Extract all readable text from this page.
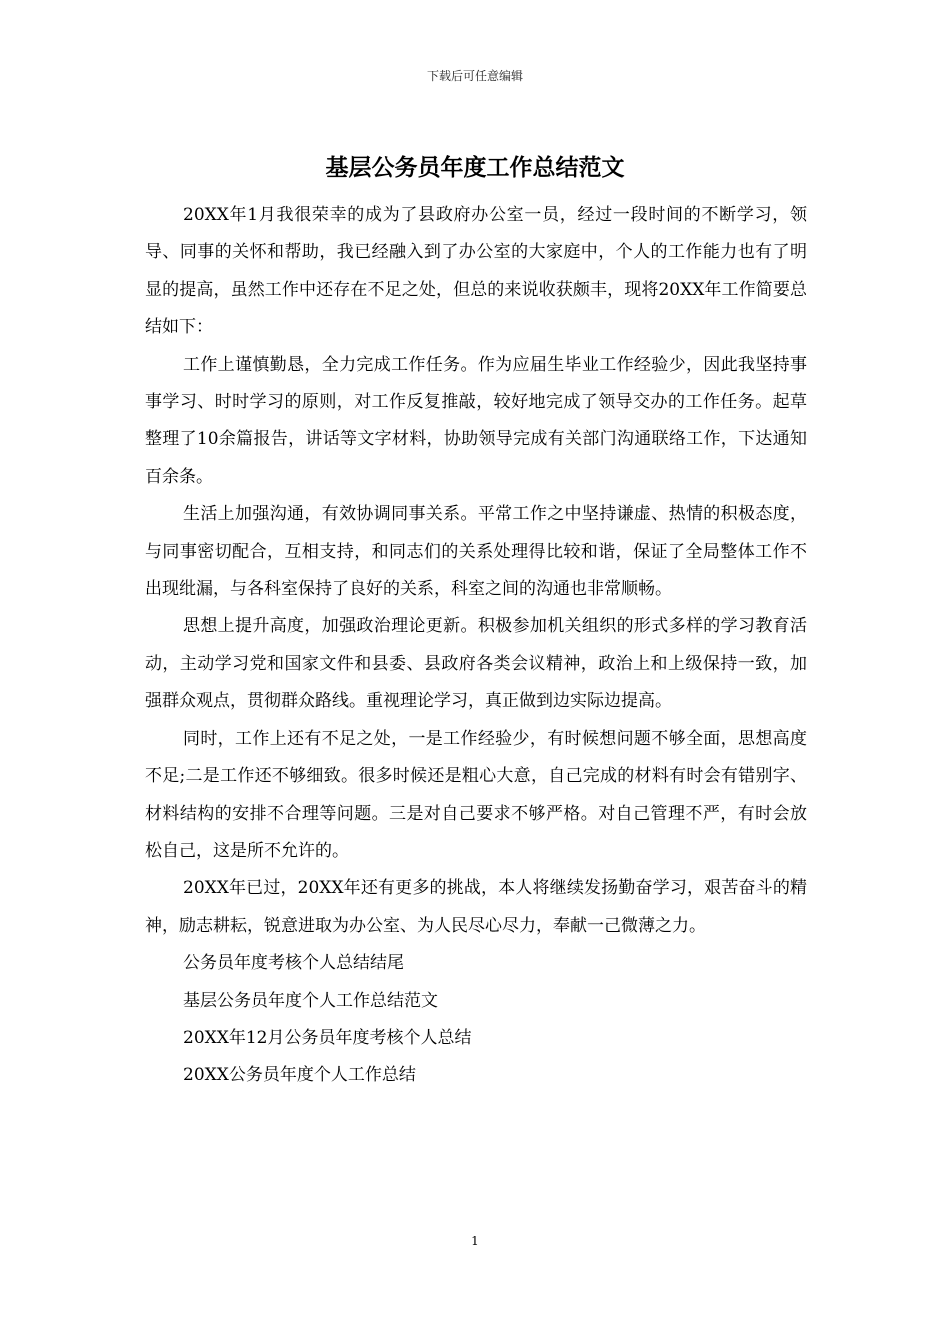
下载后可任意编辑
基层公务员年度工作总结范文

20XX年1月我很荣幸的成为了县政府办公室一员，经过一段时间的不断学习，领导、同事的关怀和帮助，我已经融入到了办公室的大家庭中，个人的工作能力也有了明显的提高，虽然工作中还存在不足之处，但总的来说收获颇丰，现将20XX年工作简要总结如下：

工作上谨慎勤恳，全力完成工作任务。作为应届生毕业工作经验少，因此我坚持事事学习、时时学习的原则，对工作反复推敲，较好地完成了领导交办的工作任务。起草整理了10余篇报告，讲话等文字材料，协助领导完成有关部门沟通联络工作，下达通知百余条。

生活上加强沟通，有效协调同事关系。平常工作之中坚持谦虚、热情的积极态度，与同事密切配合，互相支持，和同志们的关系处理得比较和谐，保证了全局整体工作不出现纰漏，与各科室保持了良好的关系，科室之间的沟通也非常顺畅。

思想上提升高度，加强政治理论更新。积极参加机关组织的形式多样的学习教育活动，主动学习党和国家文件和县委、县政府各类会议精神，政治上和上级保持一致，加强群众观点，贯彻群众路线。重视理论学习，真正做到边实际边提高。

同时，工作上还有不足之处，一是工作经验少，有时候想问题不够全面，思想高度不足;二是工作还不够细致。很多时候还是粗心大意，自己完成的材料有时会有错别字、材料结构的安排不合理等问题。三是对自己要求不够严格。对自己管理不严，有时会放松自己，这是所不允许的。

20XX年已过，20XX年还有更多的挑战，本人将继续发扬勤奋学习，艰苦奋斗的精神，励志耕耘，锐意进取为办公室、为人民尽心尽力，奉献一己微薄之力。

公务员年度考核个人总结结尾
基层公务员年度个人工作总结范文
20XX年12月公务员年度考核个人总结
20XX公务员年度个人工作总结
1
